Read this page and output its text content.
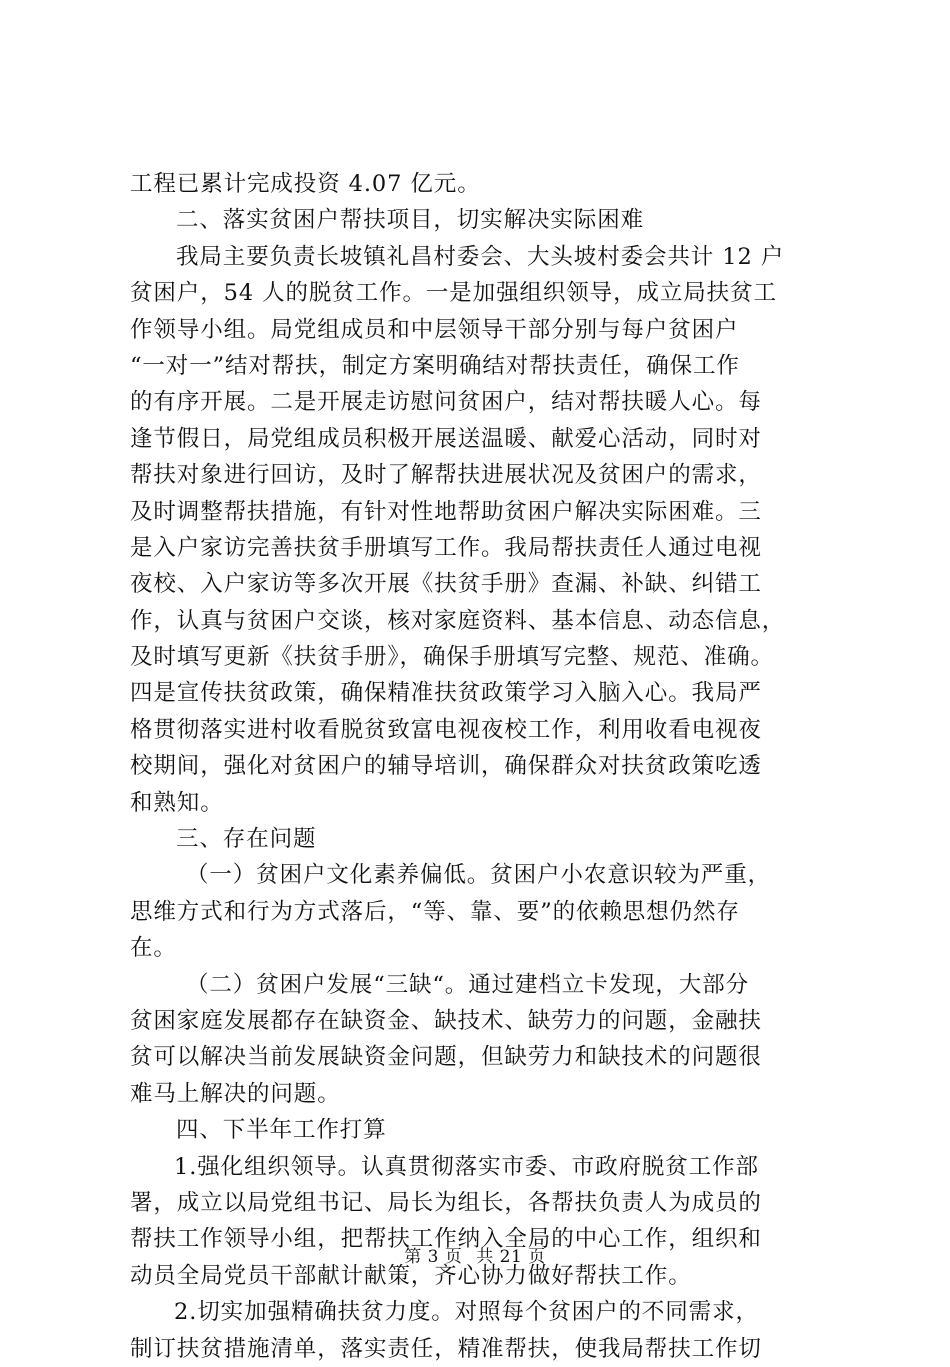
工程已累计完成投资 4.07 亿元。
二、落实贫困户帮扶项目，切实解决实际困难
我局主要负责长坡镇礼昌村委会、大头坡村委会共计 12 户
贫困户，54 人的脱贫工作。一是加强组织领导，成立局扶贫工
作领导小组。局党组成员和中层领导干部分别与每户贫困户
“一对一”结对帮扶，制定方案明确结对帮扶责任，确保工作
的有序开展。二是开展走访慰问贫困户，结对帮扶暖人心。每
逢节假日，局党组成员积极开展送温暖、献爱心活动，同时对
帮扶对象进行回访，及时了解帮扶进展状况及贫困户的需求，
及时调整帮扶措施，有针对性地帮助贫困户解决实际困难。三
是入户家访完善扶贫手册填写工作。我局帮扶责任人通过电视
夜校、入户家访等多次开展《扶贫手册》查漏、补缺、纠错工
作，认真与贫困户交谈，核对家庭资料、基本信息、动态信息，
及时填写更新《扶贫手册》，确保手册填写完整、规范、准确。
四是宣传扶贫政策，确保精准扶贫政策学习入脑入心。我局严
格贯彻落实进村收看脱贫致富电视夜校工作，利用收看电视夜
校期间，强化对贫困户的辅导培训，确保群众对扶贫政策吃透
和熟知。
三、存在问题
（一）贫困户文化素养偏低。贫困户小农意识较为严重，
思维方式和行为方式落后，“等、靠、要”的依赖思想仍然存
在。
（二）贫困户发展“三缺“。通过建档立卡发现，大部分
贫困家庭发展都存在缺资金、缺技术、缺劳力的问题，金融扶
贫可以解决当前发展缺资金问题，但缺劳力和缺技术的问题很
难马上解决的问题。
四、下半年工作打算
1.强化组织领导。认真贯彻落实市委、市政府脱贫工作部
署，成立以局党组书记、局长为组长，各帮扶负责人为成员的
帮扶工作领导小组，把帮扶工作纳入全局的中心工作，组织和
动员全局党员干部献计献策，齐心协力做好帮扶工作。
2.切实加强精确扶贫力度。对照每个贫困户的不同需求，
制订扶贫措施清单，落实责任，精准帮扶，使我局帮扶工作切
第 3 页 共 21 页
